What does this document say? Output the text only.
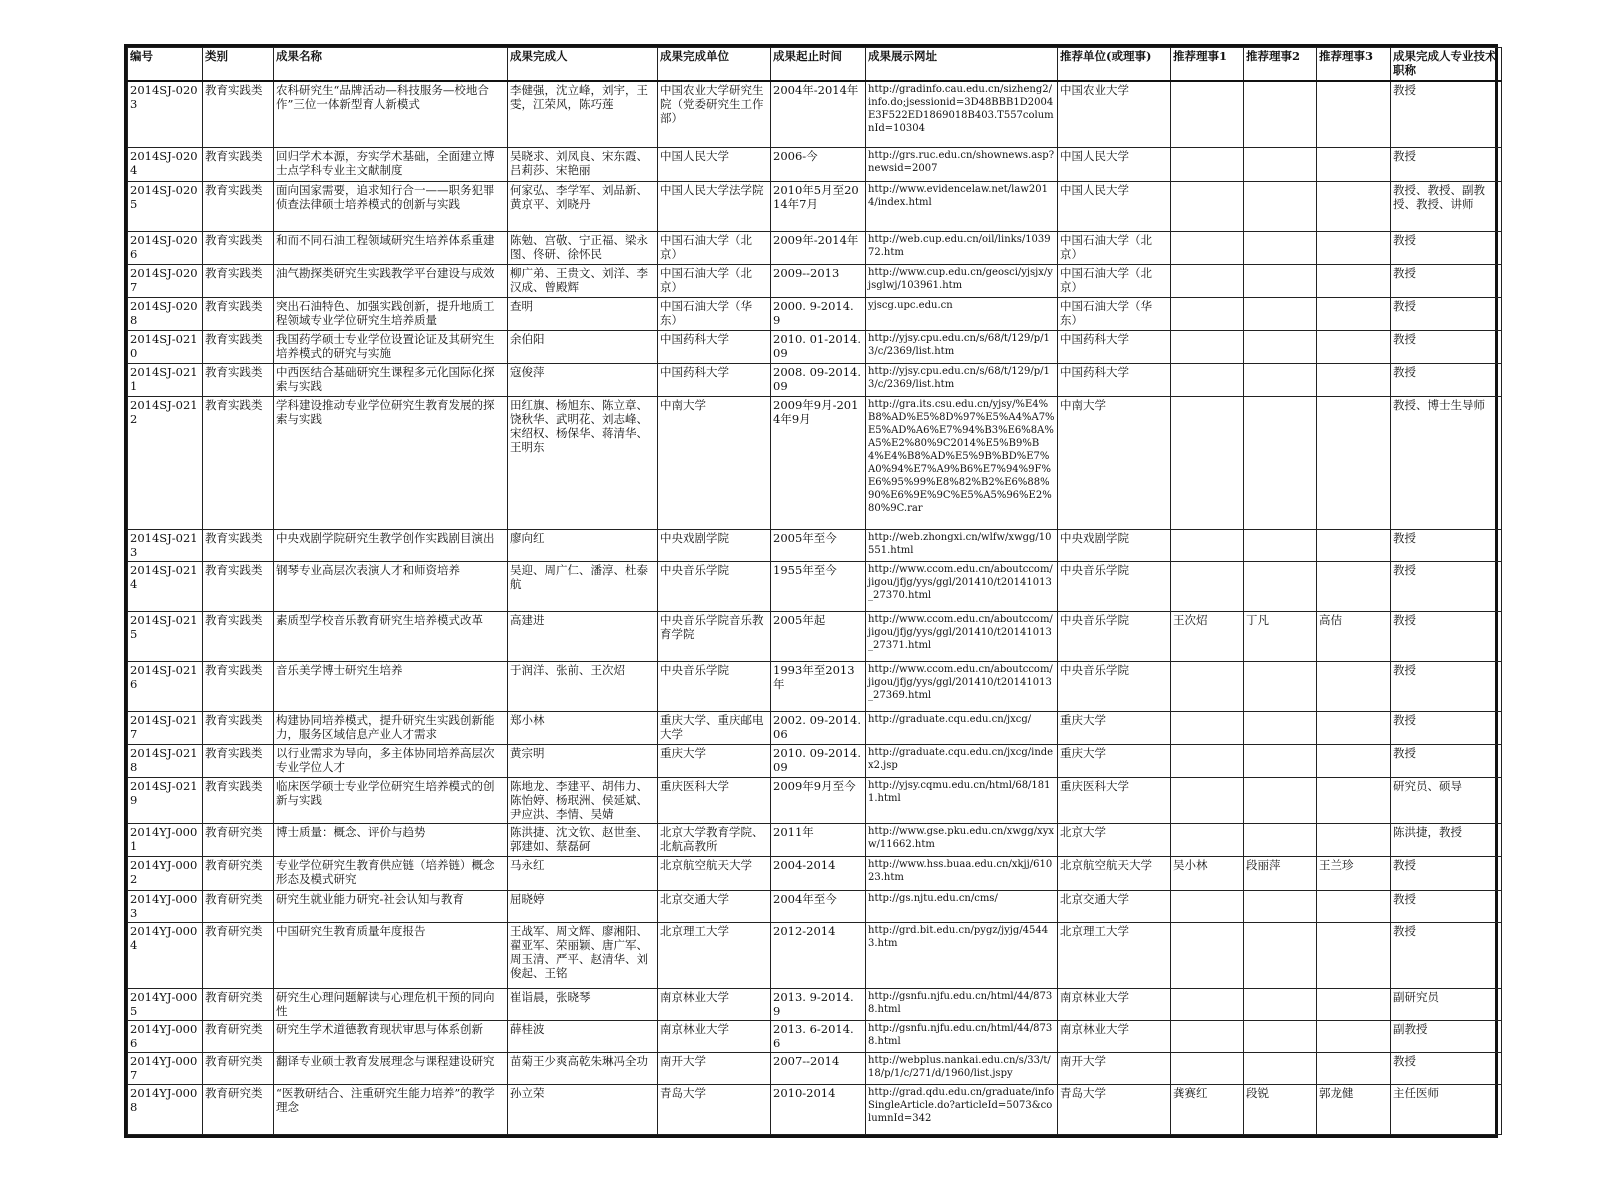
编号	类别	成果名称	成果完成人	成果完成单位	成果起止时间	成果展示网址	推荐单位(或理事)	推荐理事1	推荐理事2	推荐理事3	成果完成人专业技术职称
2014SJ-0203	教育实践类	农科研究生“品牌活动—科技服务—校地合作”三位一体新型育人新模式	李健强，沈立峰，刘宇，王雯，江荣风，陈巧莲	中国农业大学研究生院（党委研究生工作部）	2004年-2014年	http://gradinfo.cau.edu.cn/sizheng2/info.do;jsessionid=3D48BBB1D2004E3F522ED1869018B403.T557columnId=10304	中国农业大学				教授
2014SJ-0204	教育实践类	回归学术本源，夯实学术基础，全面建立博士点学科专业主文献制度	吴晓求、刘凤良、宋东霞、吕莉莎、宋艳丽	中国人民大学	2006-今	http://grs.ruc.edu.cn/shownews.asp?newsid=2007	中国人民大学				教授
2014SJ-0205	教育实践类	面向国家需要，追求知行合一——职务犯罪侦查法律硕士培养模式的创新与实践	何家弘、李学军、刘品新、黄京平、刘晓丹	中国人民大学法学院	2010年5月至2014年7月	http://www.evidencelaw.net/law2014/index.html	中国人民大学				教授、教授、副教授、教授、讲师
2014SJ-0206	教育实践类	和而不同石油工程领域研究生培养体系重建	陈勉、宫敬、宁正福、梁永图、佟研、徐怀民	中国石油大学（北京）	2009年-2014年	http://web.cup.edu.cn/oil/links/103972.htm	中国石油大学（北京）				教授
2014SJ-0207	教育实践类	油气勘探类研究生实践教学平台建设与成效	柳广弟、王贵文、刘洋、李汉成、曾殿辉	中国石油大学（北京）	2009--2013	http://www.cup.edu.cn/geosci/yjsjx/yjsglwj/103961.htm	中国石油大学（北京）				教授
2014SJ-0208	教育实践类	突出石油特色、加强实践创新，提升地质工程领域专业学位研究生培养质量	查明	中国石油大学（华东）	2000. 9-2014. 9	yjscg.upc.edu.cn	中国石油大学（华东）				教授
2014SJ-0210	教育实践类	我国药学硕士专业学位设置论证及其研究生培养模式的研究与实施	余伯阳	中国药科大学	2010. 01-2014. 09	http://yjsy.cpu.edu.cn/s/68/t/129/p/13/c/2369/list.htm	中国药科大学				教授
2014SJ-0211	教育实践类	中西医结合基础研究生课程多元化国际化探索与实践	寇俊萍	中国药科大学	2008. 09-2014. 09	http://yjsy.cpu.edu.cn/s/68/t/129/p/13/c/2369/list.htm	中国药科大学				教授
2014SJ-0212	教育实践类	学科建设推动专业学位研究生教育发展的探索与实践	田红旗、杨旭东、陈立章、饶秋华、武明花、刘志峰、宋绍权、杨保华、蒋清华、王明东	中南大学	2009年9月-2014年9月	http://gra.its.csu.edu.cn/yjsy/%E4%B8%AD%E5%8D%97%E5%A4%A7%E5%AD%A6%E7%94%B3%E6%8A%A5%E2%80%9C2014%E5%B9%B4%E4%B8%AD%E5%9B%BD%E7%A0%94%E7%A9%B6%E7%94%9F%E6%95%99%E8%82%B2%E6%88%90%E6%9E%9C%E5%A5%96%E2%80%9C.rar	中南大学				教授、博士生导师
2014SJ-0213	教育实践类	中央戏剧学院研究生教学创作实践剧目演出	廖向红	中央戏剧学院	2005年至今	http://web.zhongxi.cn/wlfw/xwgg/10551.html	中央戏剧学院				教授
2014SJ-0214	教育实践类	钢琴专业高层次表演人才和师资培养	吴迎、周广仁、潘淳、杜泰航	中央音乐学院	1955年至今	http://www.ccom.edu.cn/aboutccom/jigou/jfjg/yys/ggl/201410/t20141013_27370.html	中央音乐学院				教授
2014SJ-0215	教育实践类	素质型学校音乐教育研究生培养模式改革	高建进	中央音乐学院音乐教育学院	2005年起	http://www.ccom.edu.cn/aboutccom/jigou/jfjg/yys/ggl/201410/t20141013_27371.html	中央音乐学院	王次炤	丁凡	高佶	教授
2014SJ-0216	教育实践类	音乐美学博士研究生培养	于润洋、张前、王次炤	中央音乐学院	1993年至2013年	http://www.ccom.edu.cn/aboutccom/jigou/jfjg/yys/ggl/201410/t20141013_27369.html	中央音乐学院				教授
2014SJ-0217	教育实践类	构建协同培养模式，提升研究生实践创新能力，服务区域信息产业人才需求	郑小林	重庆大学、重庆邮电大学	2002. 09-2014. 06	http://graduate.cqu.edu.cn/jxcg/	重庆大学				教授
2014SJ-0218	教育实践类	以行业需求为导向，多主体协同培养高层次专业学位人才	黄宗明	重庆大学	2010. 09-2014. 09	http://graduate.cqu.edu.cn/jxcg/index2.jsp	重庆大学				教授
2014SJ-0219	教育实践类	临床医学硕士专业学位研究生培养模式的创新与实践	陈地龙、李建平、胡伟力、陈怡婷、杨珉洲、侯延斌、尹应洪、李情、吴婧	重庆医科大学	2009年9月至今	http://yjsy.cqmu.edu.cn/html/68/1811.html	重庆医科大学				研究员、硕导
2014YJ-0001	教育研究类	博士质量：概念、评价与趋势	陈洪捷、沈文钦、赵世奎、郭建如、蔡磊砢	北京大学教育学院、北航高教所	2011年	http://www.gse.pku.edu.cn/xwgg/xyxw/11662.htm	北京大学				陈洪捷，教授
2014YJ-0002	教育研究类	专业学位研究生教育供应链（培养链）概念形态及模式研究	马永红	北京航空航天大学	2004-2014	http://www.hss.buaa.edu.cn/xkjj/61023.htm	北京航空航天大学	吴小林	段丽萍	王兰珍	教授
2014YJ-0003	教育研究类	研究生就业能力研究-社会认知与教育	屈晓婷	北京交通大学	2004年至今	http://gs.njtu.edu.cn/cms/	北京交通大学				教授
2014YJ-0004	教育研究类	中国研究生教育质量年度报告	王战军、周文辉、廖湘阳、翟亚军、荣丽颖、唐广军、周玉清、严平、赵清华、刘俊起、王铭	北京理工大学	2012-2014	http://grd.bit.edu.cn/pygz/jyjg/45443.htm	北京理工大学				教授
2014YJ-0005	教育研究类	研究生心理问题解读与心理危机干预的同向性	崔诣晨，张晓琴	南京林业大学	2013. 9-2014. 9	http://gsnfu.njfu.edu.cn/html/44/8738.html	南京林业大学				副研究员
2014YJ-0006	教育研究类	研究生学术道德教育现状审思与体系创新	薛桂波	南京林业大学	2013. 6-2014. 6	http://gsnfu.njfu.edu.cn/html/44/8738.html	南京林业大学				副教授
2014YJ-0007	教育研究类	翻译专业硕士教育发展理念与课程建设研究	苗菊王少爽高乾朱琳冯全功	南开大学	2007--2014	http://webplus.nankai.edu.cn/s/33/t/18/p/1/c/271/d/1960/list.jspy	南开大学				教授
2014YJ-0008	教育研究类	“医教研结合、注重研究生能力培养”的教学理念	孙立荣	青岛大学	2010-2014	http://grad.qdu.edu.cn/graduate/infoSingleArticle.do?articleId=5073&columnId=342	青岛大学	龚赛红	段锐	郭龙健	主任医师
